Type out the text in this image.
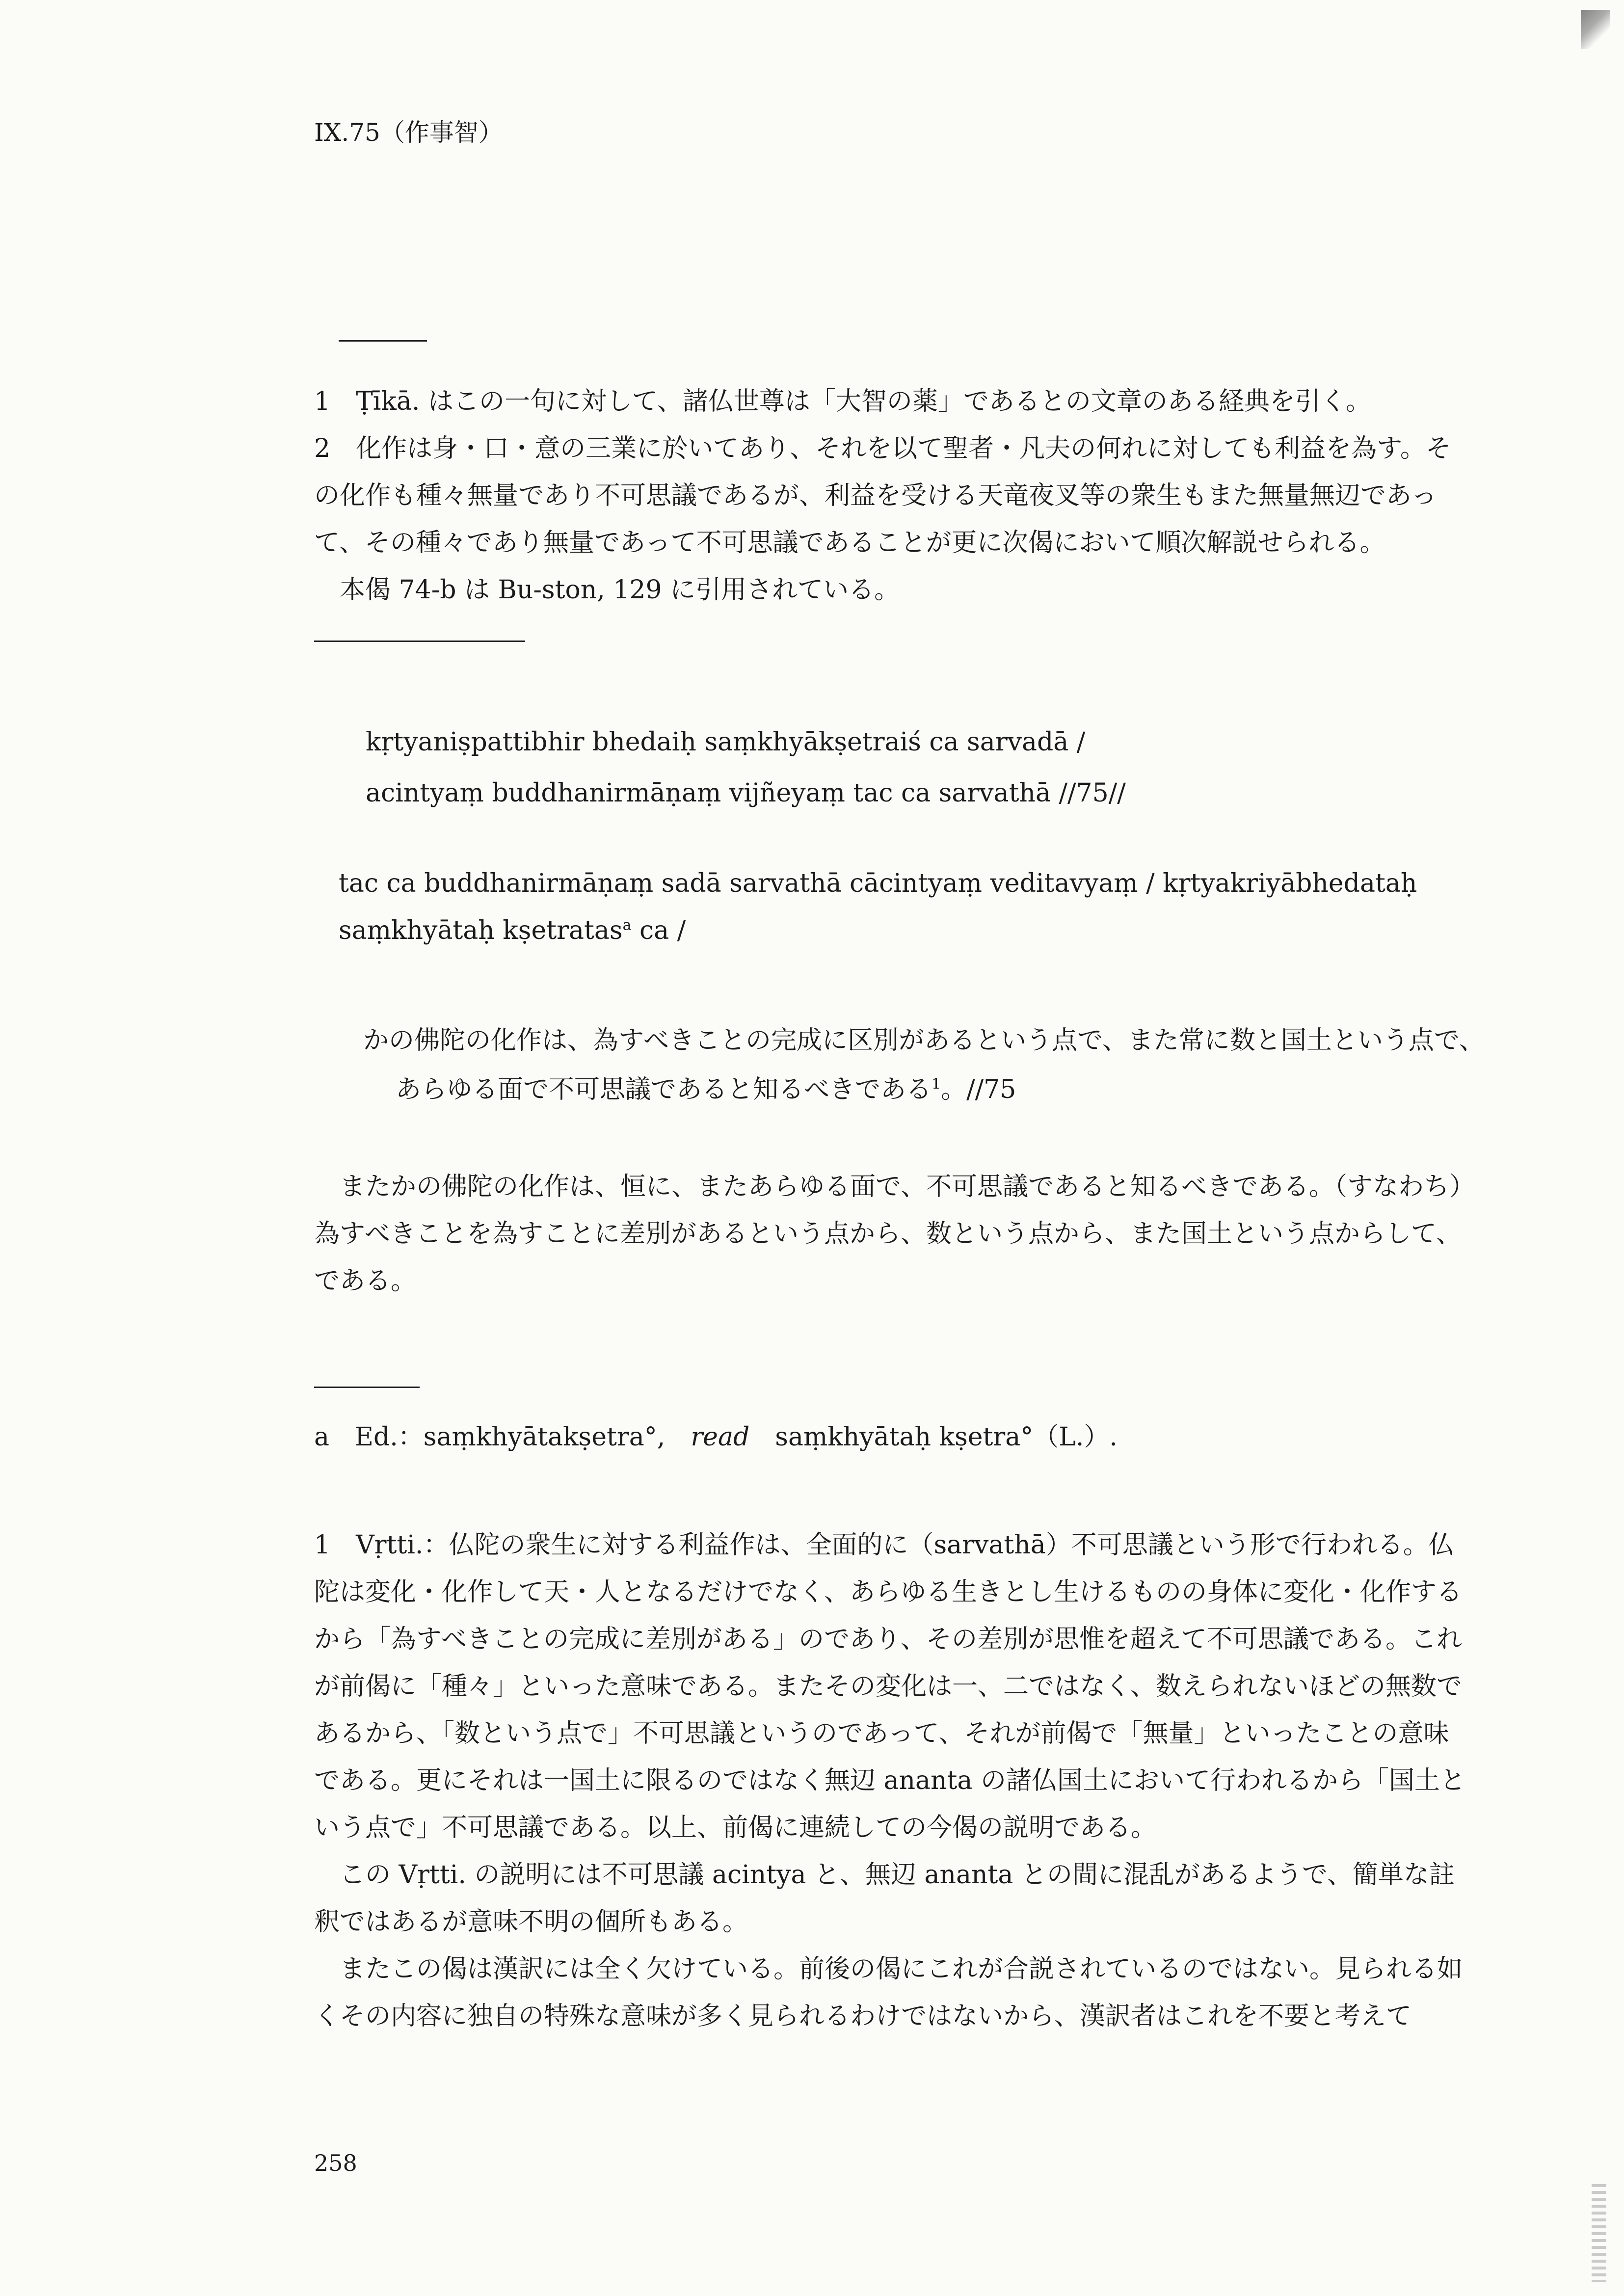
IX.75（作事智）

1　Ṭīkā. はこの一句に対して、諸仏世尊は「大智の薬」であるとの文章のある経典を引く。

2　化作は身・口・意の三業に於いてあり、それを以て聖者・凡夫の何れに対しても利益を為す。その化作も種々無量であり不可思議であるが、利益を受ける天竜夜叉等の衆生もまた無量無辺であって、その種々であり無量であって不可思議であることが更に次偈において順次解説せられる。

本偈 74-b は Bu-ston, 129 に引用されている。

kṛtyaniṣpattibhir bhedaiḥ saṃkhyākṣetraiś ca sarvadā /
acintyaṃ buddhanirmāṇaṃ vijñeyaṃ tac ca sarvathā //75//

tac ca buddhanirmāṇaṃ sadā sarvathā cācintyaṃ veditavyaṃ / kṛtyakriyābhedataḥ saṃkhyātaḥ kṣetratas$^a$ ca /

かの佛陀の化作は、為すべきことの完成に区別があるという点で、また常に数と国土という点で、あらゆる面で不可思議であると知るべきである$^1$。//75

またかの佛陀の化作は、恒に、またあらゆる面で、不可思議であると知るべきである。（すなわち）為すべきことを為すことに差別があるという点から、数という点から、また国土という点からして、である。

a　Ed.：saṃkhyātakṣetra°,　 read　 saṃkhyātaḥ kṣetra°（L.）.

1　Vṛtti.：仏陀の衆生に対する利益作は、全面的に（sarvathā）不可思議という形で行われる。仏陀は変化・化作して天・人となるだけでなく、あらゆる生きとし生けるものの身体に変化・化作するから「為すべきことの完成に差別がある」のであり、その差別が思惟を超えて不可思議である。これが前偈に「種々」といった意味である。またその変化は一、二ではなく、数えられないほどの無数であるから、「数という点で」不可思議というのであって、それが前偈で「無量」といったことの意味である。更にそれは一国土に限るのではなく無辺 ananta の諸仏国土において行われるから「国土という点で」不可思議である。以上、前偈に連続しての今偈の説明である。

この Vṛtti. の説明には不可思議 acintya と、無辺 ananta との間に混乱があるようで、簡単な註釈ではあるが意味不明の個所もある。

またこの偈は漢訳には全く欠けている。前後の偈にこれが合説されているのではない。見られる如くその内容に独自の特殊な意味が多く見られるわけではないから、漢訳者はこれを不要と考えて

258
